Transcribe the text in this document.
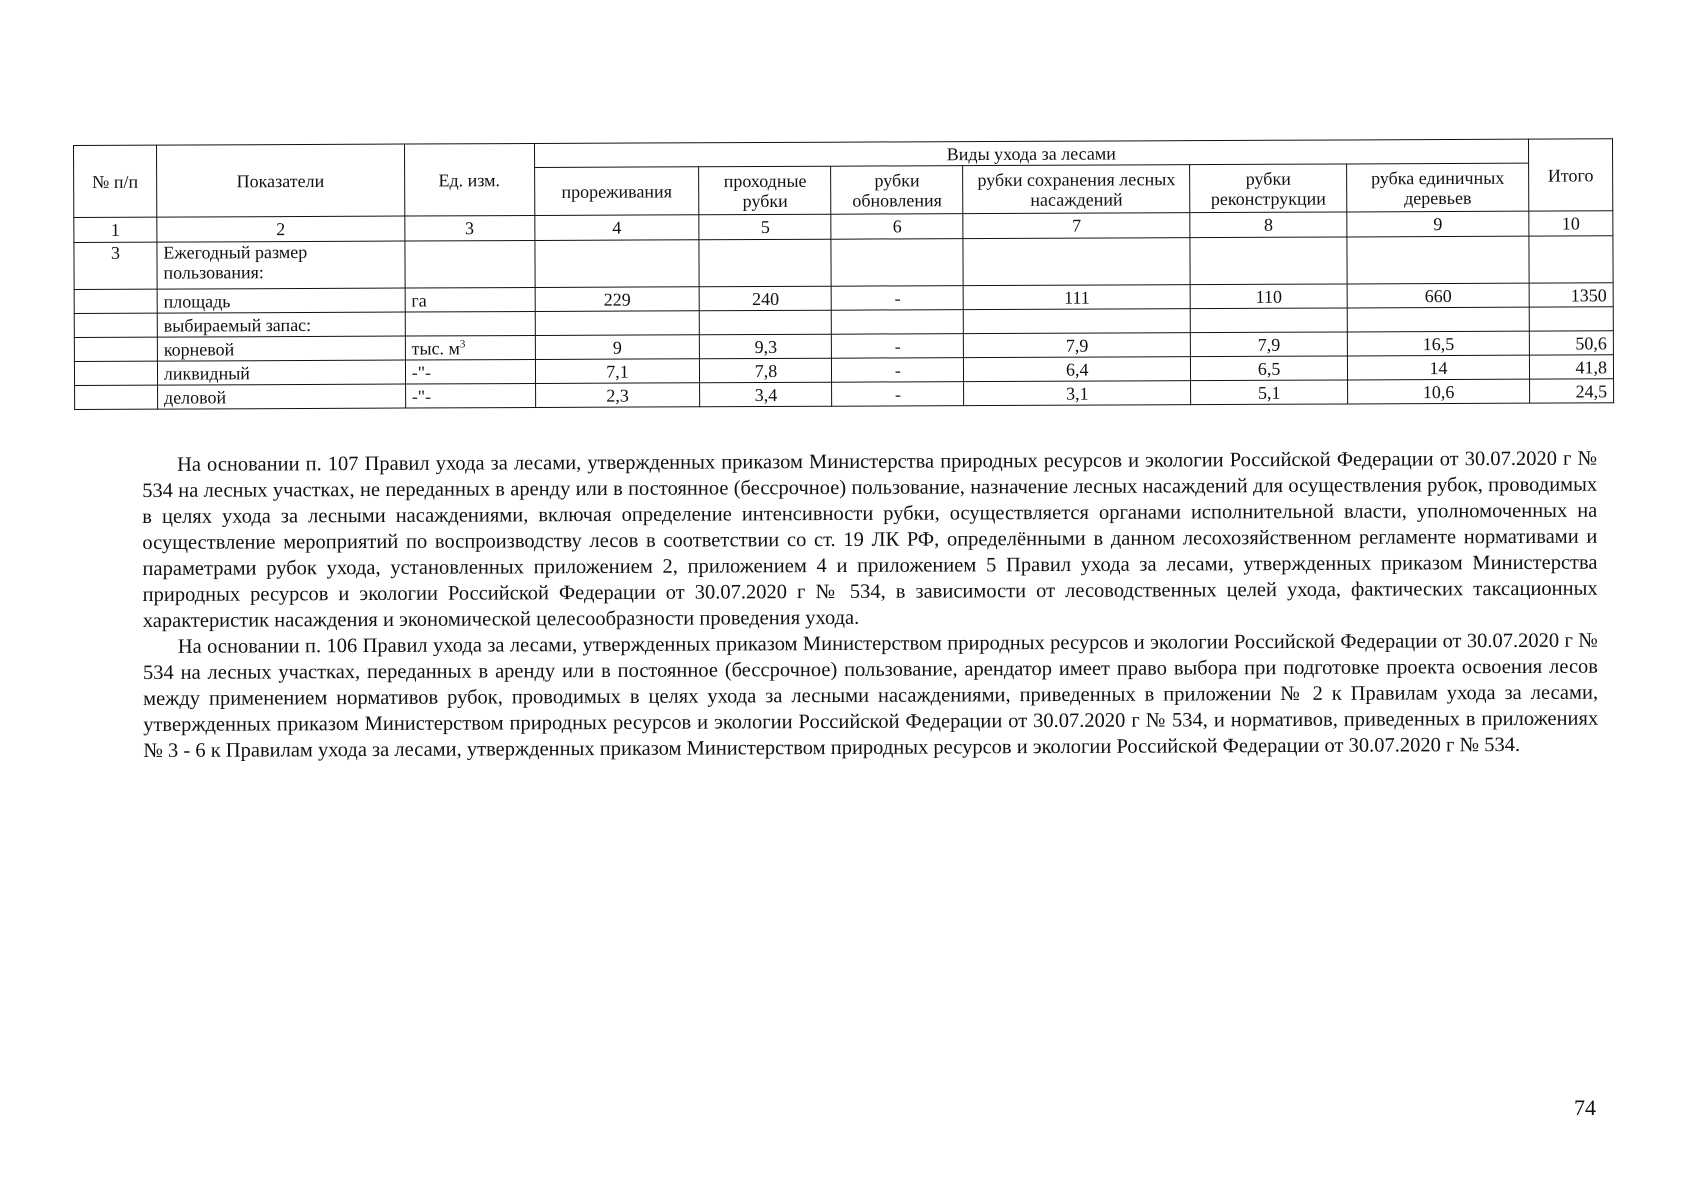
№ п/п	Показатели	Ед. изм.	Виды ухода за лесами						Итого
			прореживания	проходные рубки	рубки обновления	рубки сохранения лесных насаждений	рубки реконструкции	рубка единичных деревьев	
1	2	3	4	5	6	7	8	9	10
3	Ежегодный размер пользования:								
	площадь	га	229	240	-	111	110	660	1350
	выбираемый запас:								
	корневой	тыс. $м^3$	9	9,3	-	7,9	7,9	16,5	50,6
	ликвидный	-"-	7,1	7,8	-	6,4	6,5	14	41,8
	деловой	-"-	2,3	3,4	-	3,1	5,1	10,6	24,5

На основании п. 107 Правил ухода за лесами, утвержденных приказом Министерства природных ресурсов и экологии Российской Федерации от 30.07.2020 г № 534 на лесных участках, не переданных в аренду или в постоянное (бессрочное) пользование, назначение лесных насаждений для осуществления рубок, проводимых в целях ухода за лесными насаждениями, включая определение интенсивности рубки, осуществляется органами исполнительной власти, уполномоченных на осуществление мероприятий по воспроизводству лесов в соответствии со ст. 19 ЛК РФ, определёнными в данном лесохозяйственном регламенте нормативами и параметрами рубок ухода, установленных приложением 2, приложением 4 и приложением 5 Правил ухода за лесами, утвержденных приказом Министерства природных ресурсов и экологии Российской Федерации от 30.07.2020 г № 534, в зависимости от лесоводственных целей ухода, фактических таксационных характеристик насаждения и экономической целесообразности проведения ухода.

На основании п. 106 Правил ухода за лесами, утвержденных приказом Министерством природных ресурсов и экологии Российской Федерации от 30.07.2020 г № 534 на лесных участках, переданных в аренду или в постоянное (бессрочное) пользование, арендатор имеет право выбора при подготовке проекта освоения лесов между применением нормативов рубок, проводимых в целях ухода за лесными насаждениями, приведенных в приложении № 2 к Правилам ухода за лесами, утвержденных приказом Министерством природных ресурсов и экологии Российской Федерации от 30.07.2020 г № 534, и нормативов, приведенных в приложениях № 3 - 6 к Правилам ухода за лесами, утвержденных приказом Министерством природных ресурсов и экологии Российской Федерации от 30.07.2020 г № 534.

74
